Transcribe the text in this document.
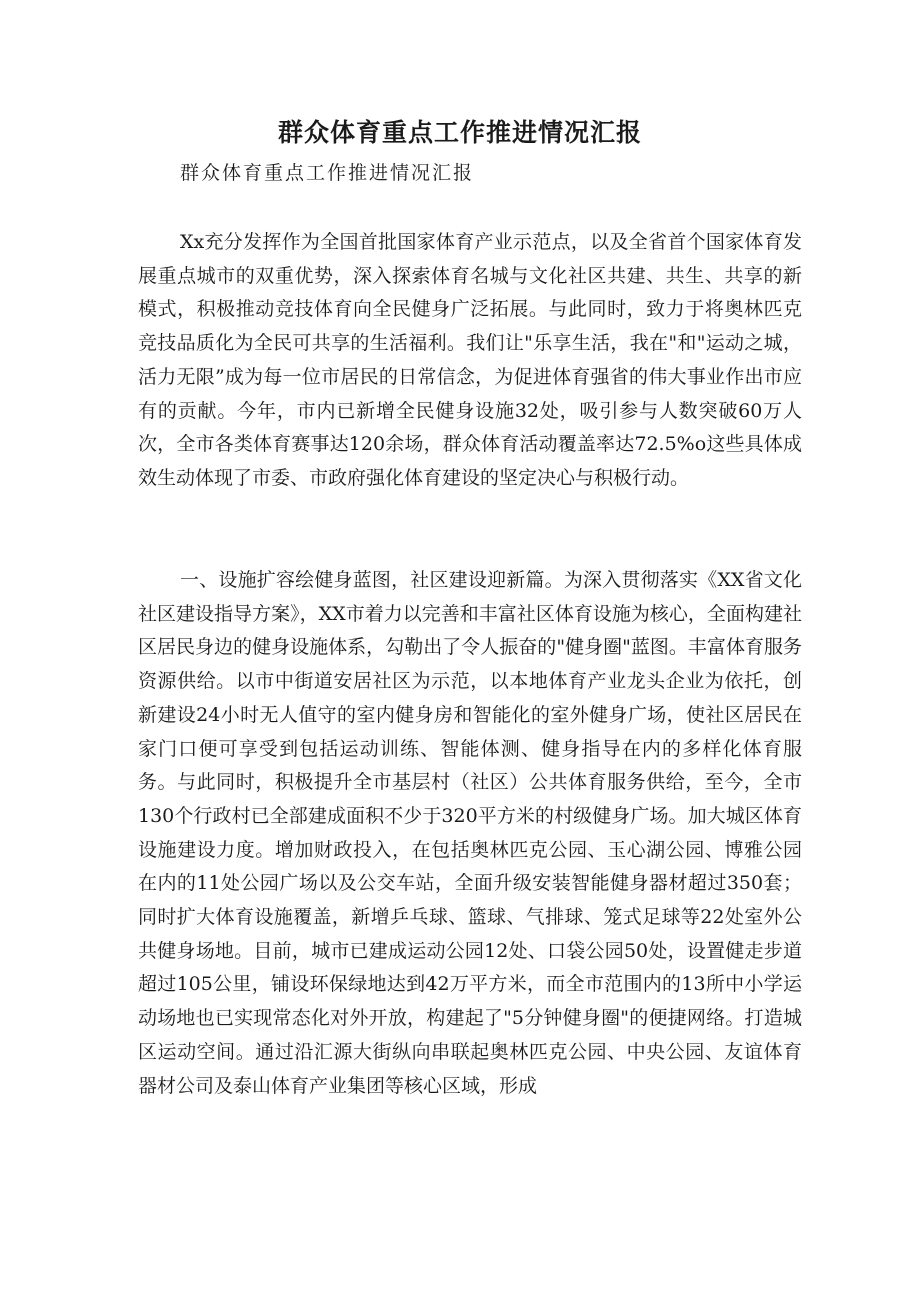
群众体育重点工作推进情况汇报
群众体育重点工作推进情况汇报

Xx充分发挥作为全国首批国家体育产业示范点，以及全省首个国家体育发展重点城市的双重优势，深入探索体育名城与文化社区共建、共生、共享的新模式，积极推动竞技体育向全民健身广泛拓展。与此同时，致力于将奥林匹克竞技品质化为全民可共享的生活福利。我们让"乐享生活，我在"和"运动之城，活力无限”成为每一位市居民的日常信念，为促进体育强省的伟大事业作出市应有的贡献。今年，市内已新增全民健身设施32处，吸引参与人数突破60万人次，全市各类体育赛事达120余场，群众体育活动覆盖率达72.5%o这些具体成效生动体现了市委、市政府强化体育建设的坚定决心与积极行动。

一、设施扩容绘健身蓝图，社区建设迎新篇。为深入贯彻落实《XX省文化社区建设指导方案》，XX市着力以完善和丰富社区体育设施为核心，全面构建社区居民身边的健身设施体系，勾勒出了令人振奋的"健身圈"蓝图。丰富体育服务资源供给。以市中街道安居社区为示范，以本地体育产业龙头企业为依托，创新建设24小时无人值守的室内健身房和智能化的室外健身广场，使社区居民在家门口便可享受到包括运动训练、智能体测、健身指导在内的多样化体育服务。与此同时，积极提升全市基层村（社区）公共体育服务供给，至今，全市130个行政村已全部建成面积不少于320平方米的村级健身广场。加大城区体育设施建设力度。增加财政投入，在包括奥林匹克公园、玉心湖公园、博雅公园在内的11处公园广场以及公交车站，全面升级安装智能健身器材超过350套；同时扩大体育设施覆盖，新增乒乓球、篮球、气排球、笼式足球等22处室外公共健身场地。目前，城市已建成运动公园12处、口袋公园50处，设置健走步道超过105公里，铺设环保绿地达到42万平方米，而全市范围内的13所中小学运动场地也已实现常态化对外开放，构建起了"5分钟健身圈"的便捷网络。打造城区运动空间。通过沿汇源大街纵向串联起奥林匹克公园、中央公园、友谊体育器材公司及泰山体育产业集团等核心区域，形成
